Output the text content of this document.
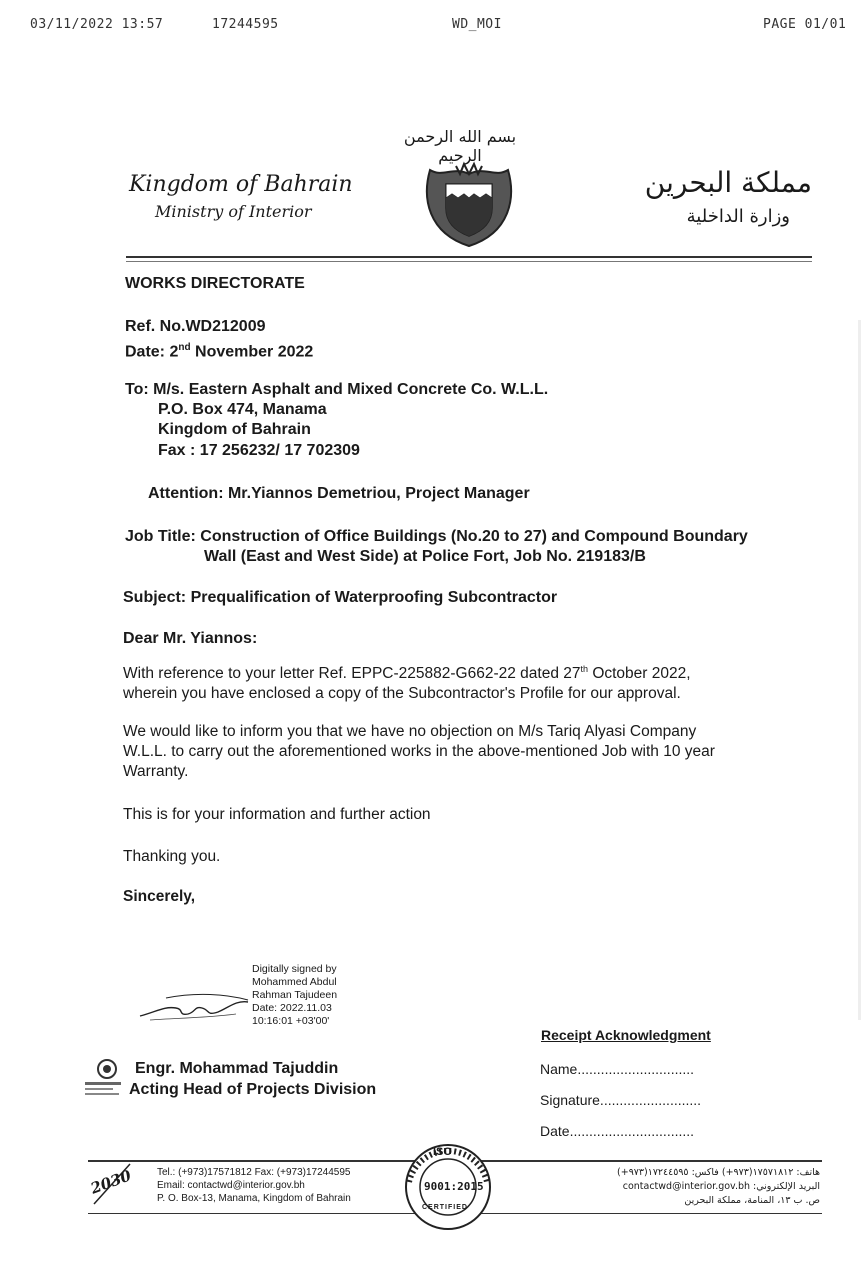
03/11/2022 13:57	17244595	WD_MOI	PAGE 01/01
بسم الله الرحمن الرحيم
Kingdom of Bahrain
Ministry of Interior
مملكة البحرين
وزارة الداخلية
WORKS DIRECTORATE
Ref. No.WD212009
Date: 2nd November 2022
To: M/s. Eastern Asphalt and Mixed Concrete Co. W.L.L.
P.O. Box 474, Manama
Kingdom of Bahrain
Fax : 17 256232/ 17 702309
Attention: Mr.Yiannos Demetriou, Project Manager
Job Title: Construction of Office Buildings (No.20 to 27) and Compound Boundary
Wall (East and West Side) at Police Fort, Job No. 219183/B
Subject: Prequalification of Waterproofing Subcontractor
Dear Mr. Yiannos:
With reference to your letter Ref. EPPC-225882-G662-22 dated 27th October 2022,
wherein you have enclosed a copy of the Subcontractor's Profile for our approval.
We would like to inform you that we have no objection on M/s Tariq Alyasi Company
W.L.L. to carry out the aforementioned works in the above-mentioned Job with 10 year
Warranty.
This is for your information and further action
Thanking you.
Sincerely,
Digitally signed by
Mohammed Abdul
Rahman Tajudeen
Date: 2022.11.03
10:16:01 +03'00'
Engr. Mohammad Tajuddin
Acting Head of Projects Division
Receipt Acknowledgment
Name..............................
Signature..........................
Date................................
2030 Tel.: (+973)17571812 Fax: (+973)17244595
Email: contactwd@interior.gov.bh
P. O. Box-13, Manama, Kingdom of Bahrain
ISO
9001:2015
CERTIFIED
هاتف: ١٧٥٧١٨١٢(٩٧٣+) فاكس: ١٧٢٤٤٥٩٥(٩٧٣+)
البريد الإلكتروني: contactwd@interior.gov.bh
ص. ب ١٣، المنامة، مملكة البحرين
